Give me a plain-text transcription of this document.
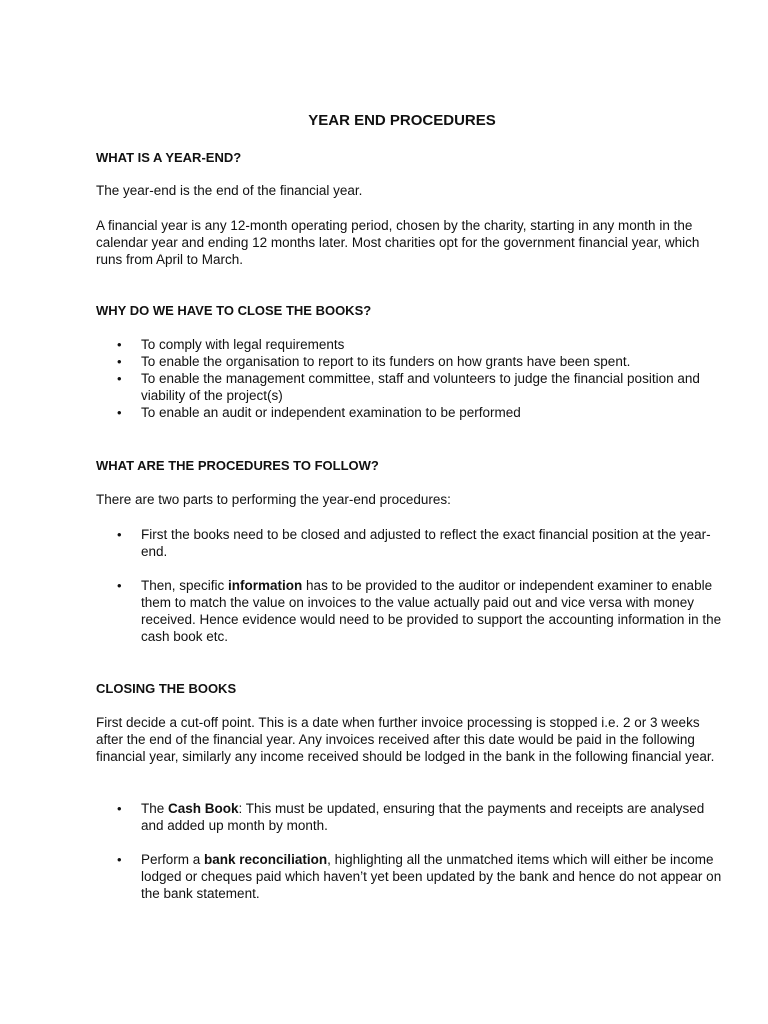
YEAR END PROCEDURES
WHAT IS A YEAR-END?

The year-end is the end of the financial year.

A financial year is any 12-month operating period, chosen by the charity, starting in any month in the calendar year and ending 12 months later. Most charities opt for the government financial year, which runs from April to March.

WHY DO WE HAVE TO CLOSE THE BOOKS?
• To comply with legal requirements
• To enable the organisation to report to its funders on how grants have been spent.
• To enable the management committee, staff and volunteers to judge the financial position and viability of the project(s)
• To enable an audit or independent examination to be performed
WHAT ARE THE PROCEDURES TO FOLLOW?

There are two parts to performing the year-end procedures:

• First the books need to be closed and adjusted to reflect the exact financial position at the year-end.
• Then, specific information has to be provided to the auditor or independent examiner to enable them to match the value on invoices to the value actually paid out and vice versa with money received. Hence evidence would need to be provided to support the accounting information in the cash book etc.
CLOSING THE BOOKS

First decide a cut-off point. This is a date when further invoice processing is stopped i.e. 2 or 3 weeks after the end of the financial year. Any invoices received after this date would be paid in the following financial year, similarly any income received should be lodged in the bank in the following financial year.

• The Cash Book: This must be updated, ensuring that the payments and receipts are analysed and added up month by month.
• Perform a bank reconciliation, highlighting all the unmatched items which will either be income lodged or cheques paid which haven’t yet been updated by the bank and hence do not appear on the bank statement.
